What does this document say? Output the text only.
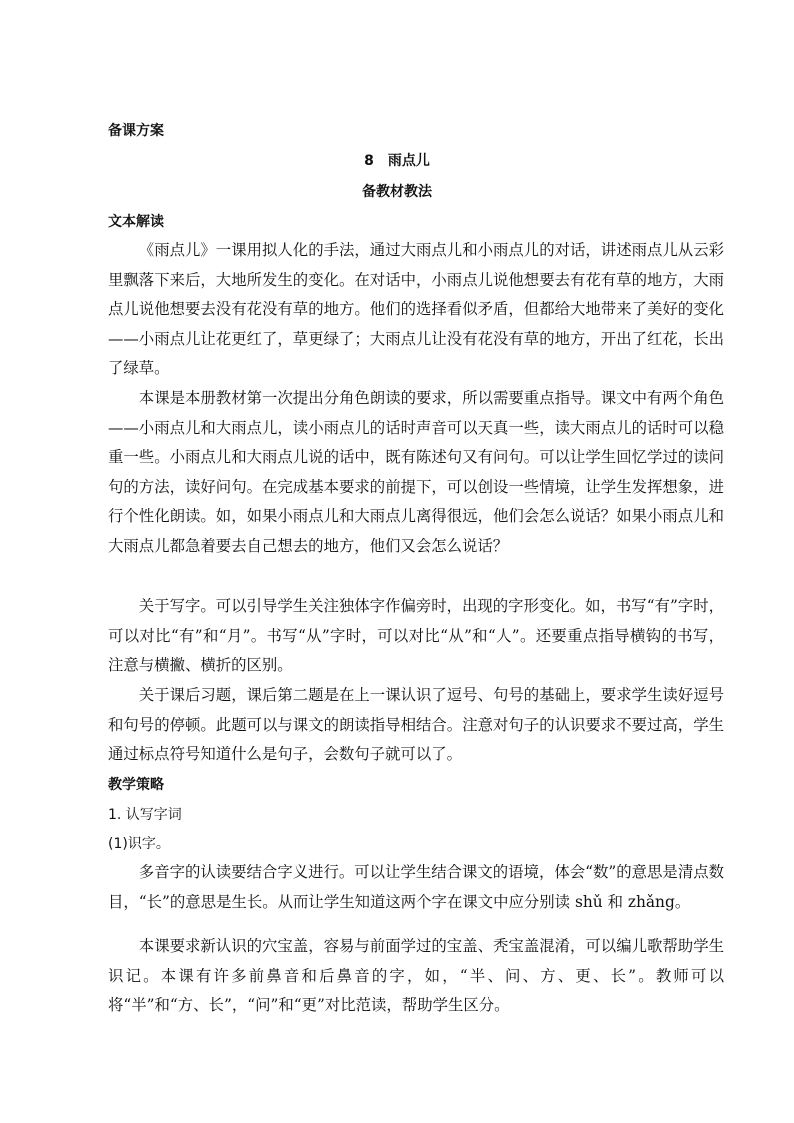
备课方案
8　雨点儿
备教材教法
文本解读

《雨点儿》一课用拟人化的手法，通过大雨点儿和小雨点儿的对话，讲述雨点儿从云彩里飘落下来后，大地所发生的变化。在对话中，小雨点儿说他想要去有花有草的地方，大雨点儿说他想要去没有花没有草的地方。他们的选择看似矛盾，但都给大地带来了美好的变化——小雨点儿让花更红了，草更绿了；大雨点儿让没有花没有草的地方，开出了红花，长出了绿草。

本课是本册教材第一次提出分角色朗读的要求，所以需要重点指导。课文中有两个角色——小雨点儿和大雨点儿，读小雨点儿的话时声音可以天真一些，读大雨点儿的话时可以稳重一些。小雨点儿和大雨点儿说的话中，既有陈述句又有问句。可以让学生回忆学过的读问句的方法，读好问句。在完成基本要求的前提下，可以创设一些情境，让学生发挥想象，进行个性化朗读。如，如果小雨点儿和大雨点儿离得很远，他们会怎么说话？如果小雨点儿和大雨点儿都急着要去自己想去的地方，他们又会怎么说话？

关于写字。可以引导学生关注独体字作偏旁时，出现的字形变化。如，书写“有”字时，可以对比“有”和“月”。书写“从”字时，可以对比“从”和“人”。还要重点指导横钩的书写，注意与横撇、横折的区别。

关于课后习题，课后第二题是在上一课认识了逗号、句号的基础上，要求学生读好逗号和句号的停顿。此题可以与课文的朗读指导相结合。注意对句子的认识要求不要过高，学生通过标点符号知道什么是句子，会数句子就可以了。

教学策略
1. 认写字词
(1)识字。

多音字的认读要结合字义进行。可以让学生结合课文的语境，体会“数”的意思是清点数目，“长”的意思是生长。从而让学生知道这两个字在课文中应分别读 shǔ 和 zhǎng。

本课要求新认识的穴宝盖，容易与前面学过的宝盖、秃宝盖混淆，可以编儿歌帮助学生识记。本课有许多前鼻音和后鼻音的字，如，“半、问、方、更、长”。教师可以将“半”和“方、长”，“问”和“更”对比范读，帮助学生区分。
